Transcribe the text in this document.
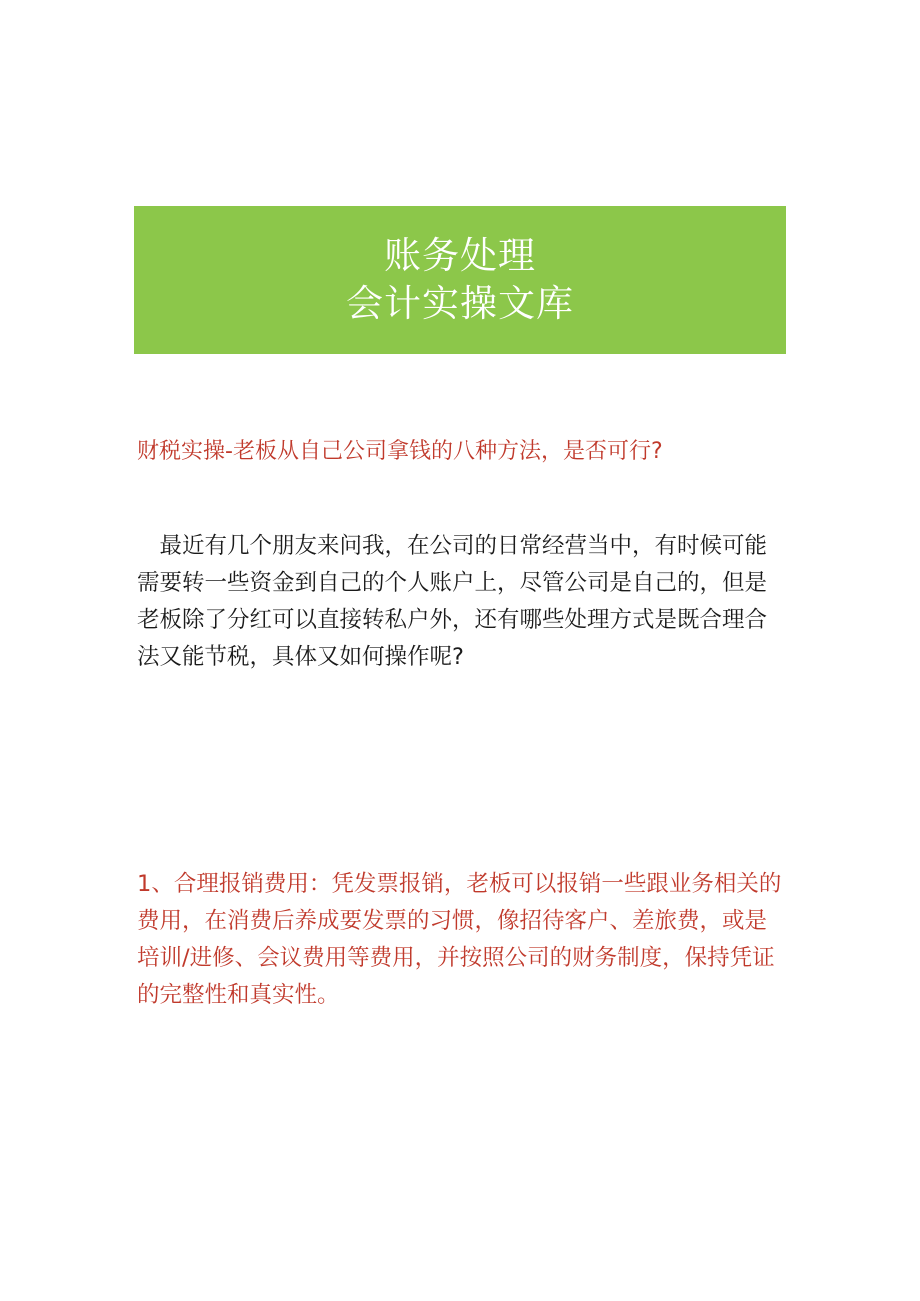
账务处理
会计实操文库
财税实操-老板从自己公司拿钱的八种方法，是否可行?

最近有几个朋友来问我，在公司的日常经营当中，有时候可能需要转一些资金到自己的个人账户上，尽管公司是自己的，但是老板除了分红可以直接转私户外，还有哪些处理方式是既合理合法又能节税，具体又如何操作呢?

1、合理报销费用：凭发票报销，老板可以报销一些跟业务相关的费用，在消费后养成要发票的习惯，像招待客户、差旅费，或是培训/进修、会议费用等费用，并按照公司的财务制度，保持凭证的完整性和真实性。
